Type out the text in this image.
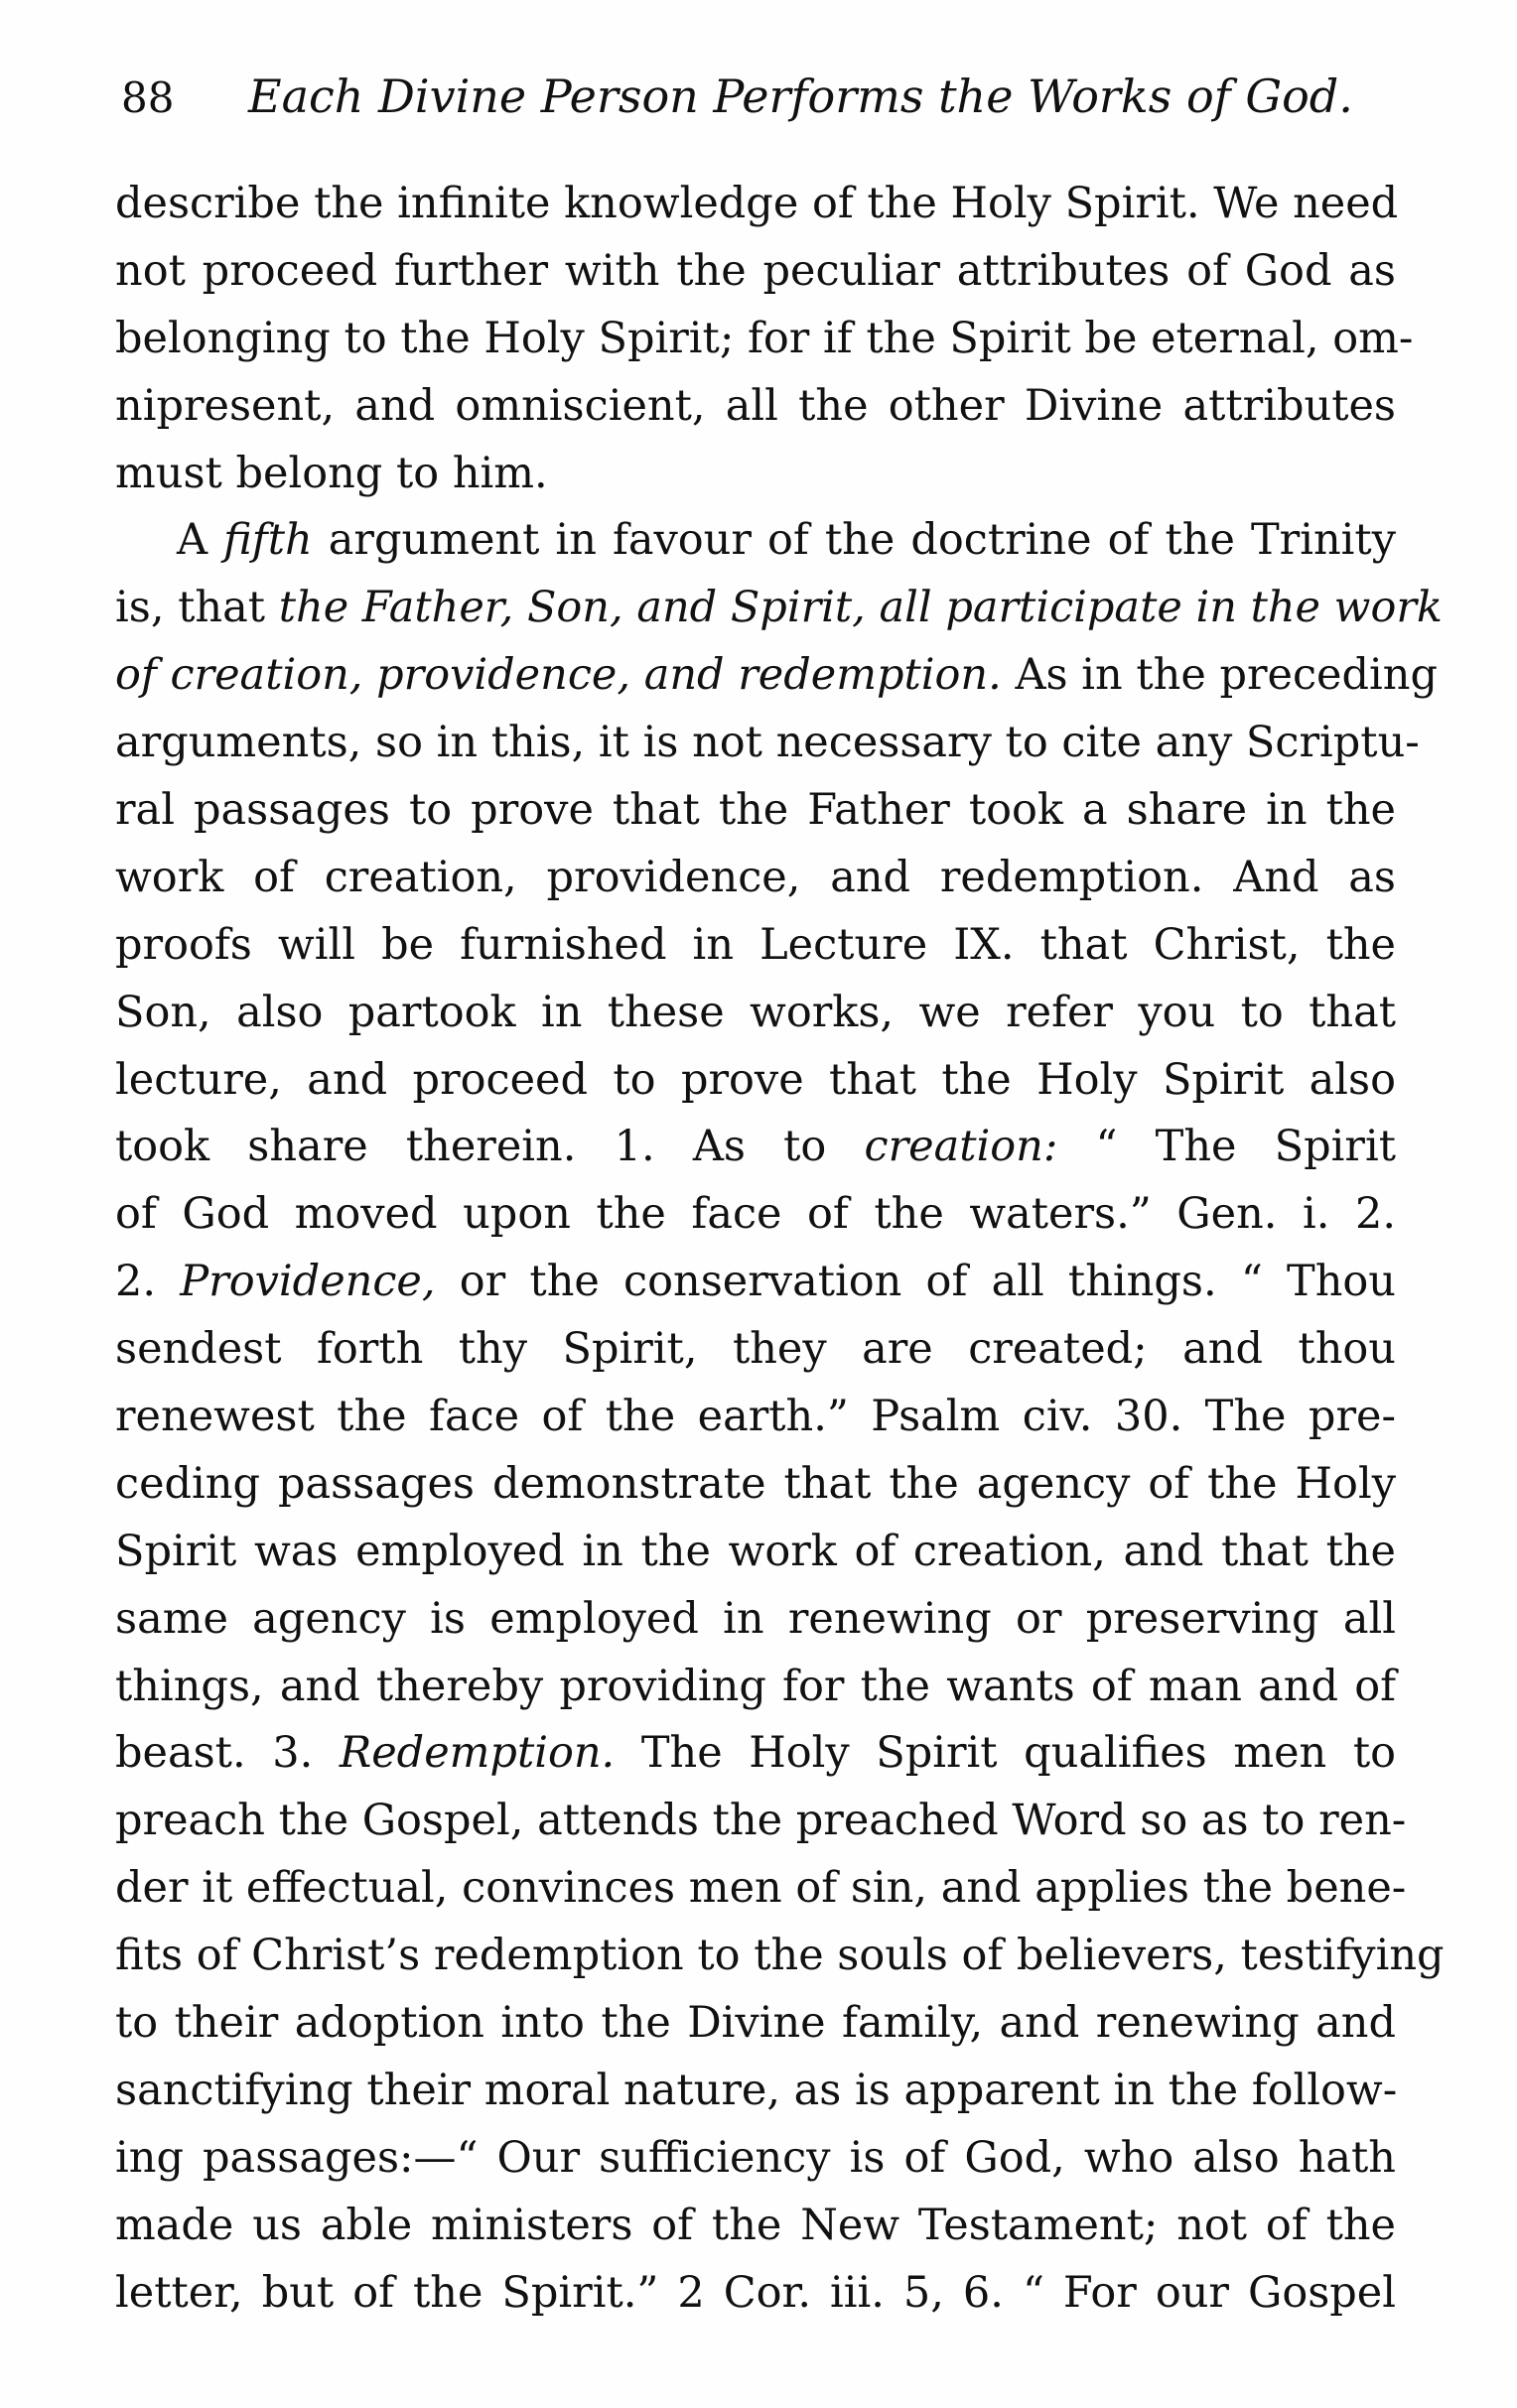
88 Each Divine Person Performs the Works of God.
describe the infinite knowledge of the Holy Spirit. We need
not proceed further with the peculiar attributes of God as
belonging to the Holy Spirit; for if the Spirit be eternal, om-
nipresent, and omniscient, all the other Divine attributes
must belong to him.
A fifth argument in favour of the doctrine of the Trinity
is, that the Father, Son, and Spirit, all participate in the work
of creation, providence, and redemption. As in the preceding
arguments, so in this, it is not necessary to cite any Scriptu-
ral passages to prove that the Father took a share in the
work of creation, providence, and redemption. And as
proofs will be furnished in Lecture IX. that Christ, the
Son, also partook in these works, we refer you to that
lecture, and proceed to prove that the Holy Spirit also
took share therein. 1. As to creation: “ The Spirit
of God moved upon the face of the waters.” Gen. i. 2.
2. Providence, or the conservation of all things. “ Thou
sendest forth thy Spirit, they are created; and thou
renewest the face of the earth.” Psalm civ. 30. The pre-
ceding passages demonstrate that the agency of the Holy
Spirit was employed in the work of creation, and that the
same agency is employed in renewing or preserving all
things, and thereby providing for the wants of man and of
beast. 3. Redemption. The Holy Spirit qualifies men to
preach the Gospel, attends the preached Word so as to ren-
der it effectual, convinces men of sin, and applies the bene-
fits of Christ’s redemption to the souls of believers, testifying
to their adoption into the Divine family, and renewing and
sanctifying their moral nature, as is apparent in the follow-
ing passages:—“ Our sufficiency is of God, who also hath
made us able ministers of the New Testament; not of the
letter, but of the Spirit.” 2 Cor. iii. 5, 6. “ For our Gospel
